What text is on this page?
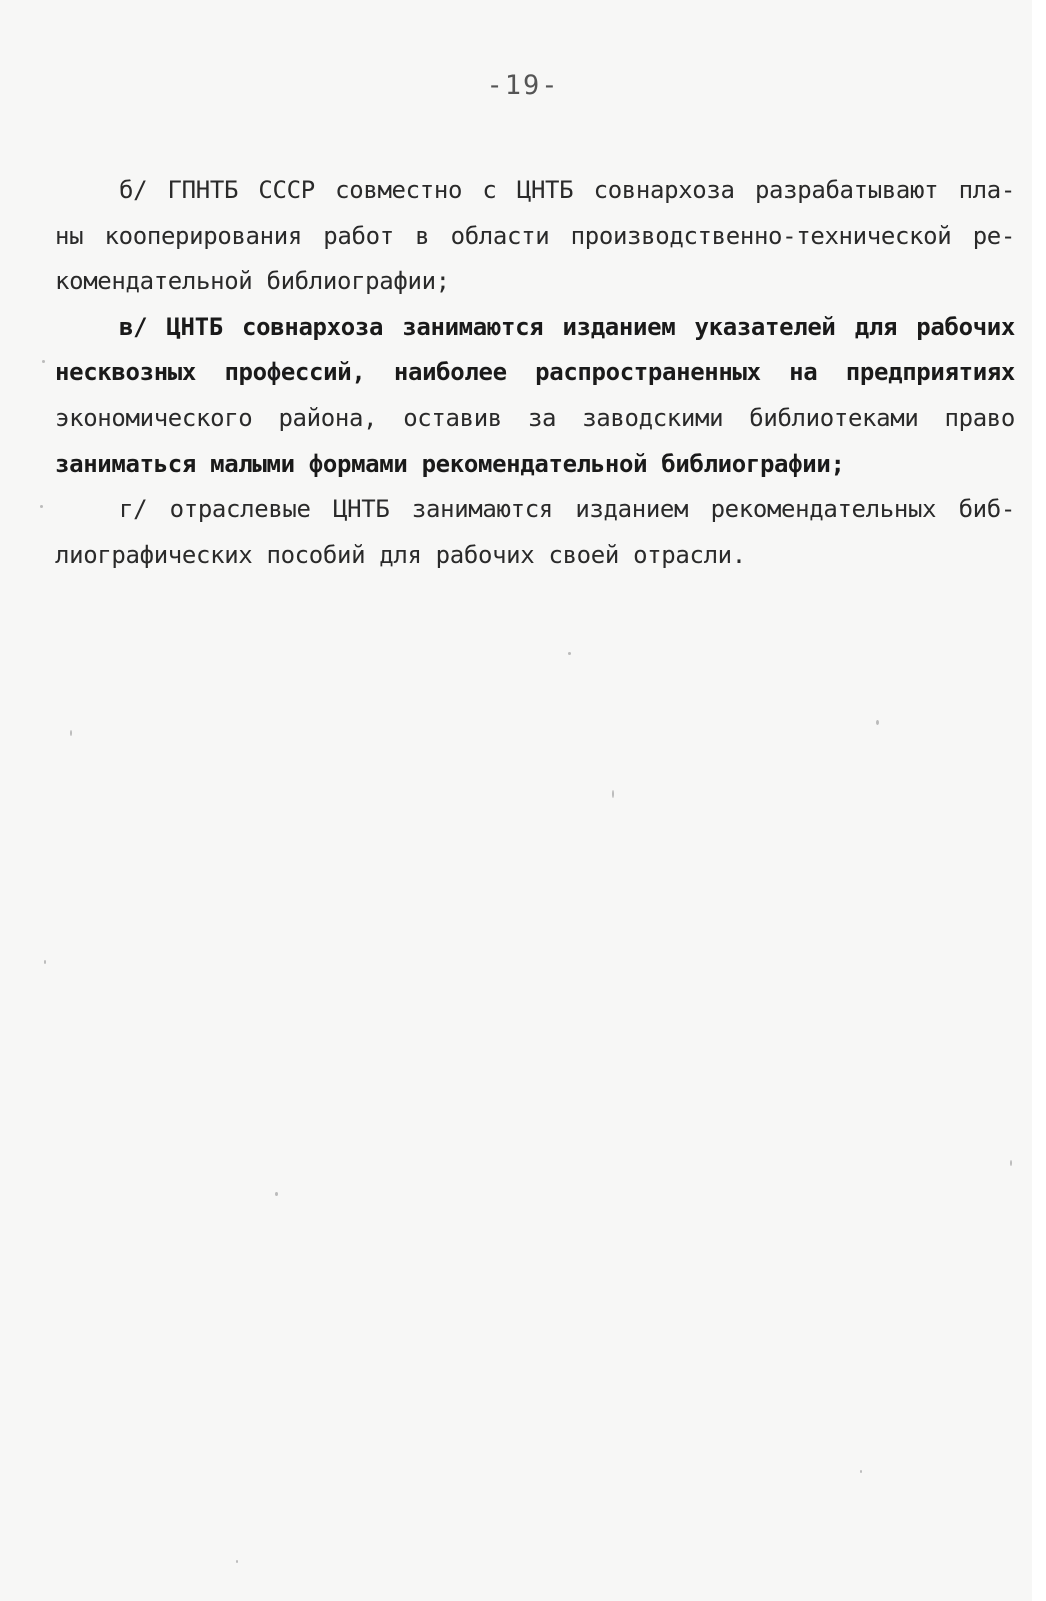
-19-
б/ ГПНТБ СССР совместно с ЦНТБ совнархоза разрабатывают пла-
ны кооперирования работ в области производственно-технической ре-
комендательной библиографии;
в/ ЦНТБ совнархоза занимаются изданием указателей для рабочих
несквозных профессий, наиболее распространенных на предприятиях
экономического района, оставив за заводскими библиотеками право
заниматься малыми формами рекомендательной библиографии;
г/ отраслевые ЦНТБ занимаются изданием рекомендательных биб-
лиографических пособий для рабочих своей отрасли.
